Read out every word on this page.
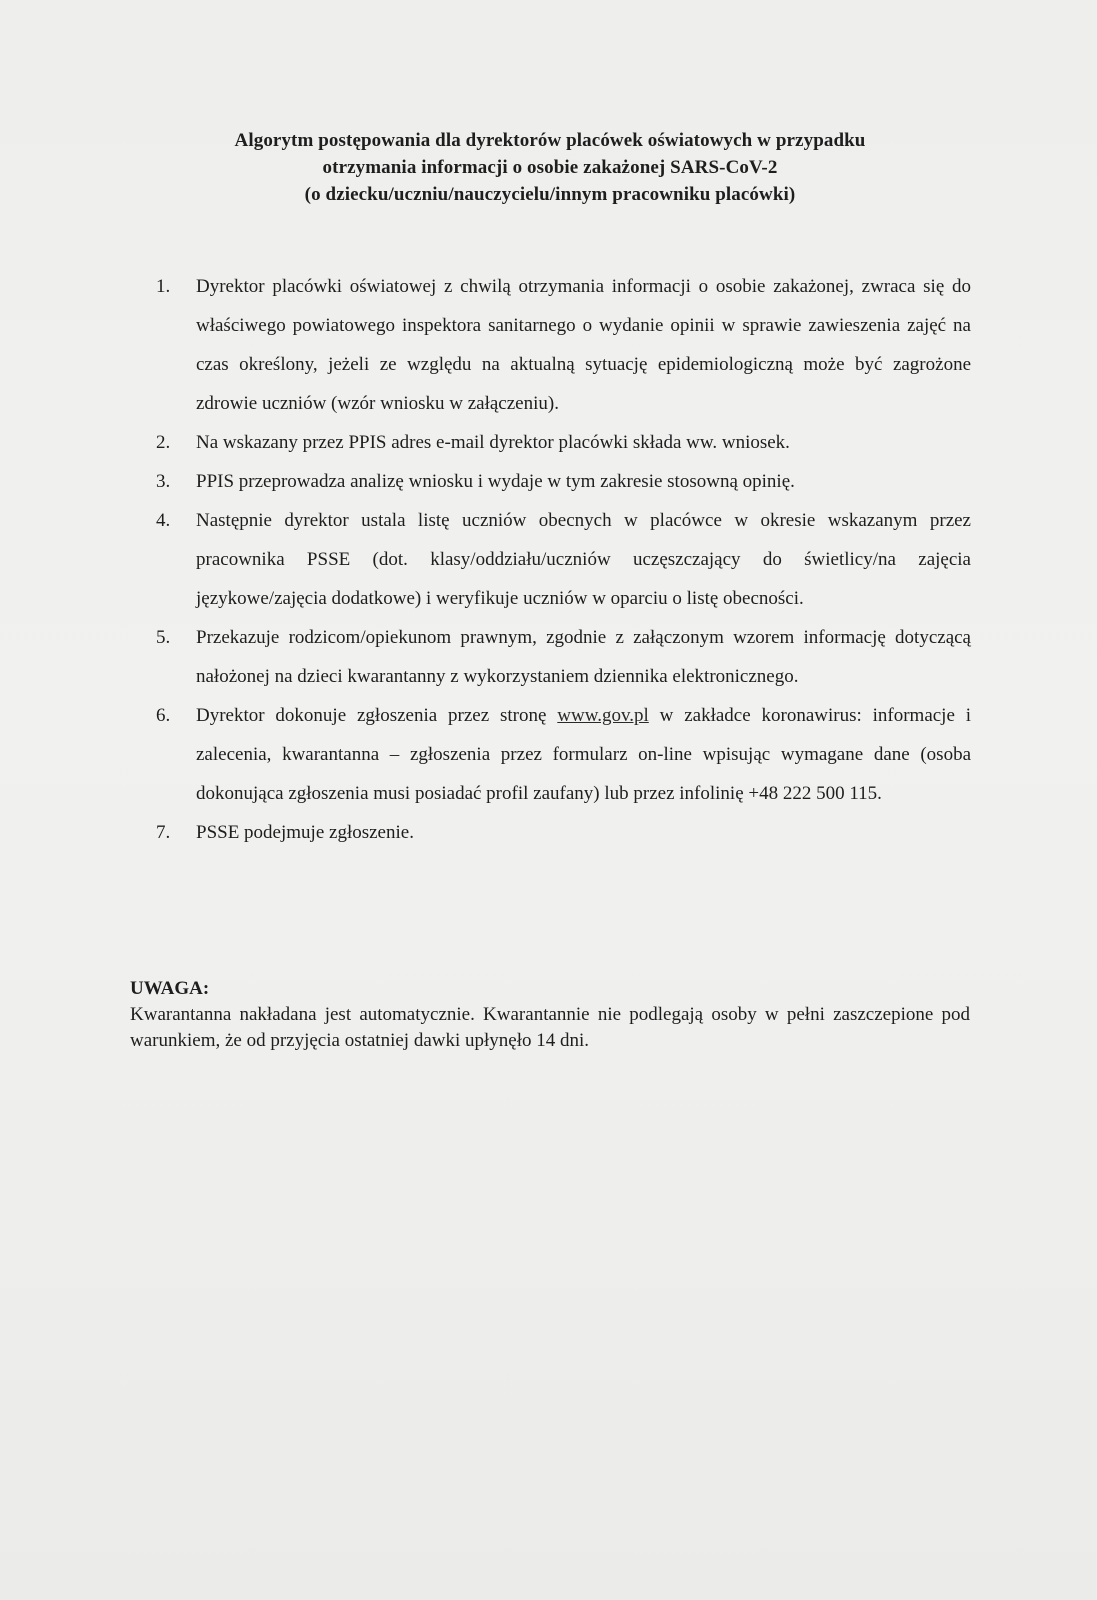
Algorytm postępowania dla dyrektorów placówek oświatowych w przypadku
otrzymania informacji o osobie zakażonej SARS-CoV-2
(o dziecku/uczniu/nauczycielu/innym pracowniku placówki)
1.	Dyrektor placówki oświatowej z chwilą otrzymania informacji o osobie zakażonej, zwraca się do właściwego powiatowego inspektora sanitarnego o wydanie opinii w sprawie zawieszenia zajęć na czas określony, jeżeli ze względu na aktualną sytuację epidemiologiczną może być zagrożone zdrowie uczniów (wzór wniosku w załączeniu).
2.	Na wskazany przez PPIS adres e-mail dyrektor placówki składa ww. wniosek.
3.	PPIS przeprowadza analizę wniosku i wydaje w tym zakresie stosowną opinię.
4.	Następnie dyrektor ustala listę uczniów obecnych w placówce w okresie wskazanym przez pracownika PSSE (dot. klasy/oddziału/uczniów uczęszczający do świetlicy/na zajęcia językowe/zajęcia dodatkowe) i weryfikuje uczniów w oparciu o listę obecności.
5.	Przekazuje rodzicom/opiekunom prawnym, zgodnie z załączonym wzorem informację dotyczącą nałożonej na dzieci kwarantanny z wykorzystaniem dziennika elektronicznego.
6.	Dyrektor dokonuje zgłoszenia przez stronę www.gov.pl w zakładce koronawirus: informacje i zalecenia, kwarantanna – zgłoszenia przez formularz on-line wpisując wymagane dane (osoba dokonująca zgłoszenia musi posiadać profil zaufany) lub przez infolinię +48 222 500 115.
7.	PSSE podejmuje zgłoszenie.
UWAGA:
Kwarantanna nakładana jest automatycznie. Kwarantannie nie podlegają osoby w pełni zaszczepione pod warunkiem, że od przyjęcia ostatniej dawki upłynęło 14 dni.
